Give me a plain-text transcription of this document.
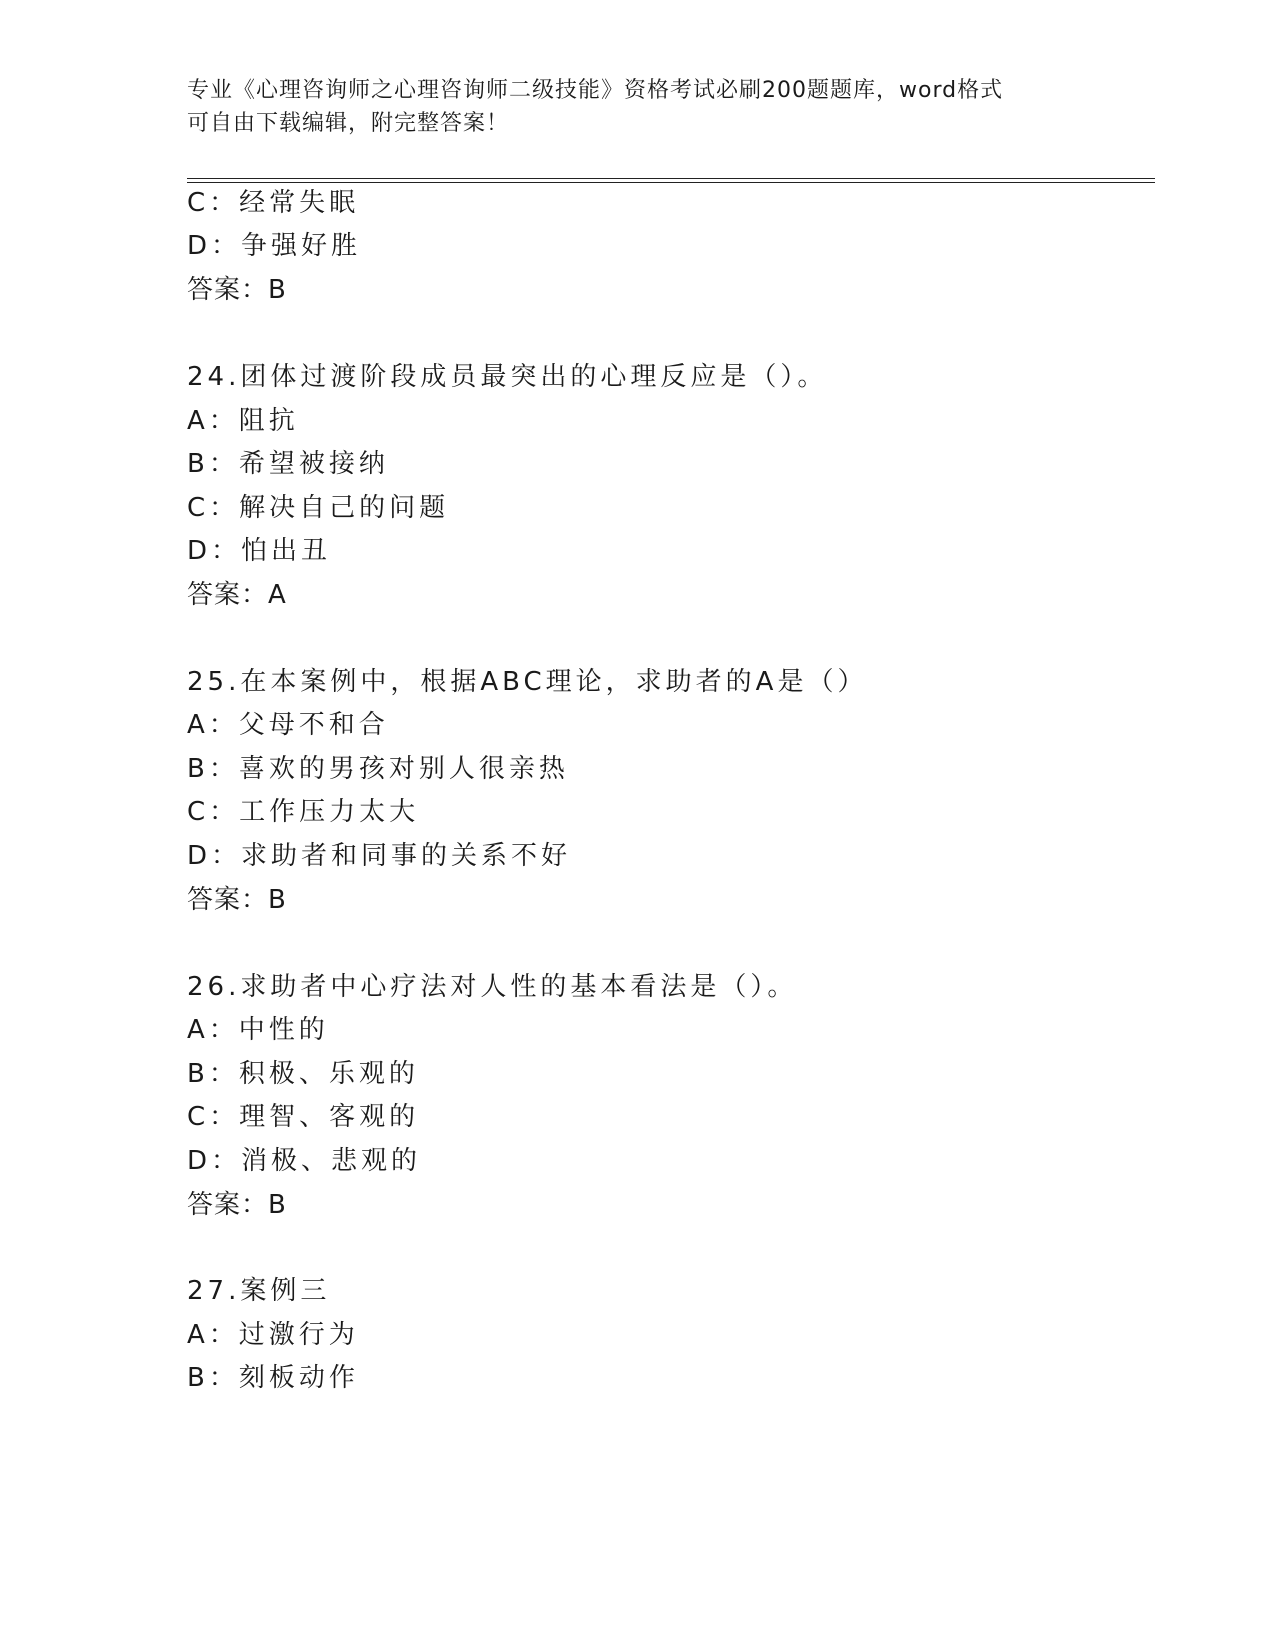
专业《心理咨询师之心理咨询师二级技能》资格考试必刷200题题库，word格式
可自由下载编辑，附完整答案！
C：经常失眠
D：争强好胜
答案：B
24.团体过渡阶段成员最突出的心理反应是（）。
A：阻抗
B：希望被接纳
C：解决自己的问题
D：怕出丑
答案：A
25.在本案例中，根据ABC理论，求助者的A是（）
A：父母不和合
B：喜欢的男孩对别人很亲热
C：工作压力太大
D：求助者和同事的关系不好
答案：B
26.求助者中心疗法对人性的基本看法是（）。
A：中性的
B：积极、乐观的
C：理智、客观的
D：消极、悲观的
答案：B
27.案例三
A：过激行为
B：刻板动作
